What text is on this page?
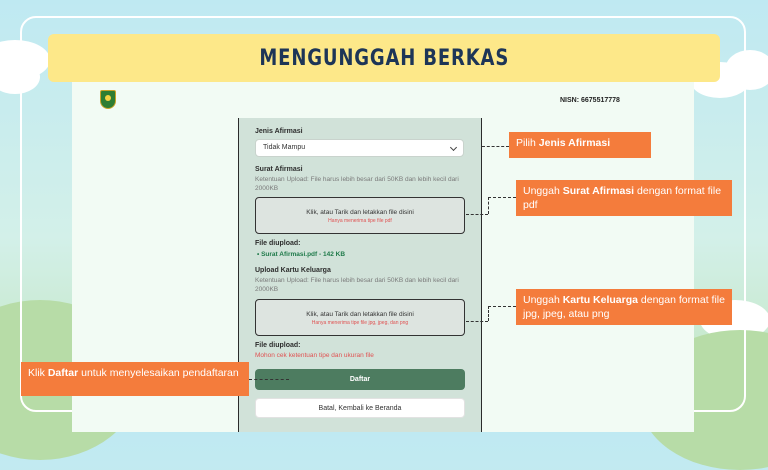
MENGUNGGAH BERKAS
NISN: 6675517778
Jenis Afirmasi
Tidak Mampu
Surat Afirmasi
Ketentuan Upload: File harus lebih besar dari 50KB dan lebih kecil dari 2000KB
Klik, atau Tarik dan letakkan file disini
Hanya menerima tipe file pdf
File diupload:
• Surat Afirmasi.pdf - 142 KB
Upload Kartu Keluarga
Ketentuan Upload: File harus lebih besar dari 50KB dan lebih kecil dari 2000KB
Klik, atau Tarik dan letakkan file disini
Hanya menerima tipe file jpg, jpeg, dan png
File diupload:
Mohon cek ketentuan tipe dan ukuran file
Daftar
Batal, Kembali ke Beranda
Pilih Jenis Afirmasi
Unggah Surat Afirmasi dengan format file pdf
Unggah Kartu Keluarga dengan format file jpg, jpeg, atau png
Klik Daftar untuk menyelesaikan pendaftaran
